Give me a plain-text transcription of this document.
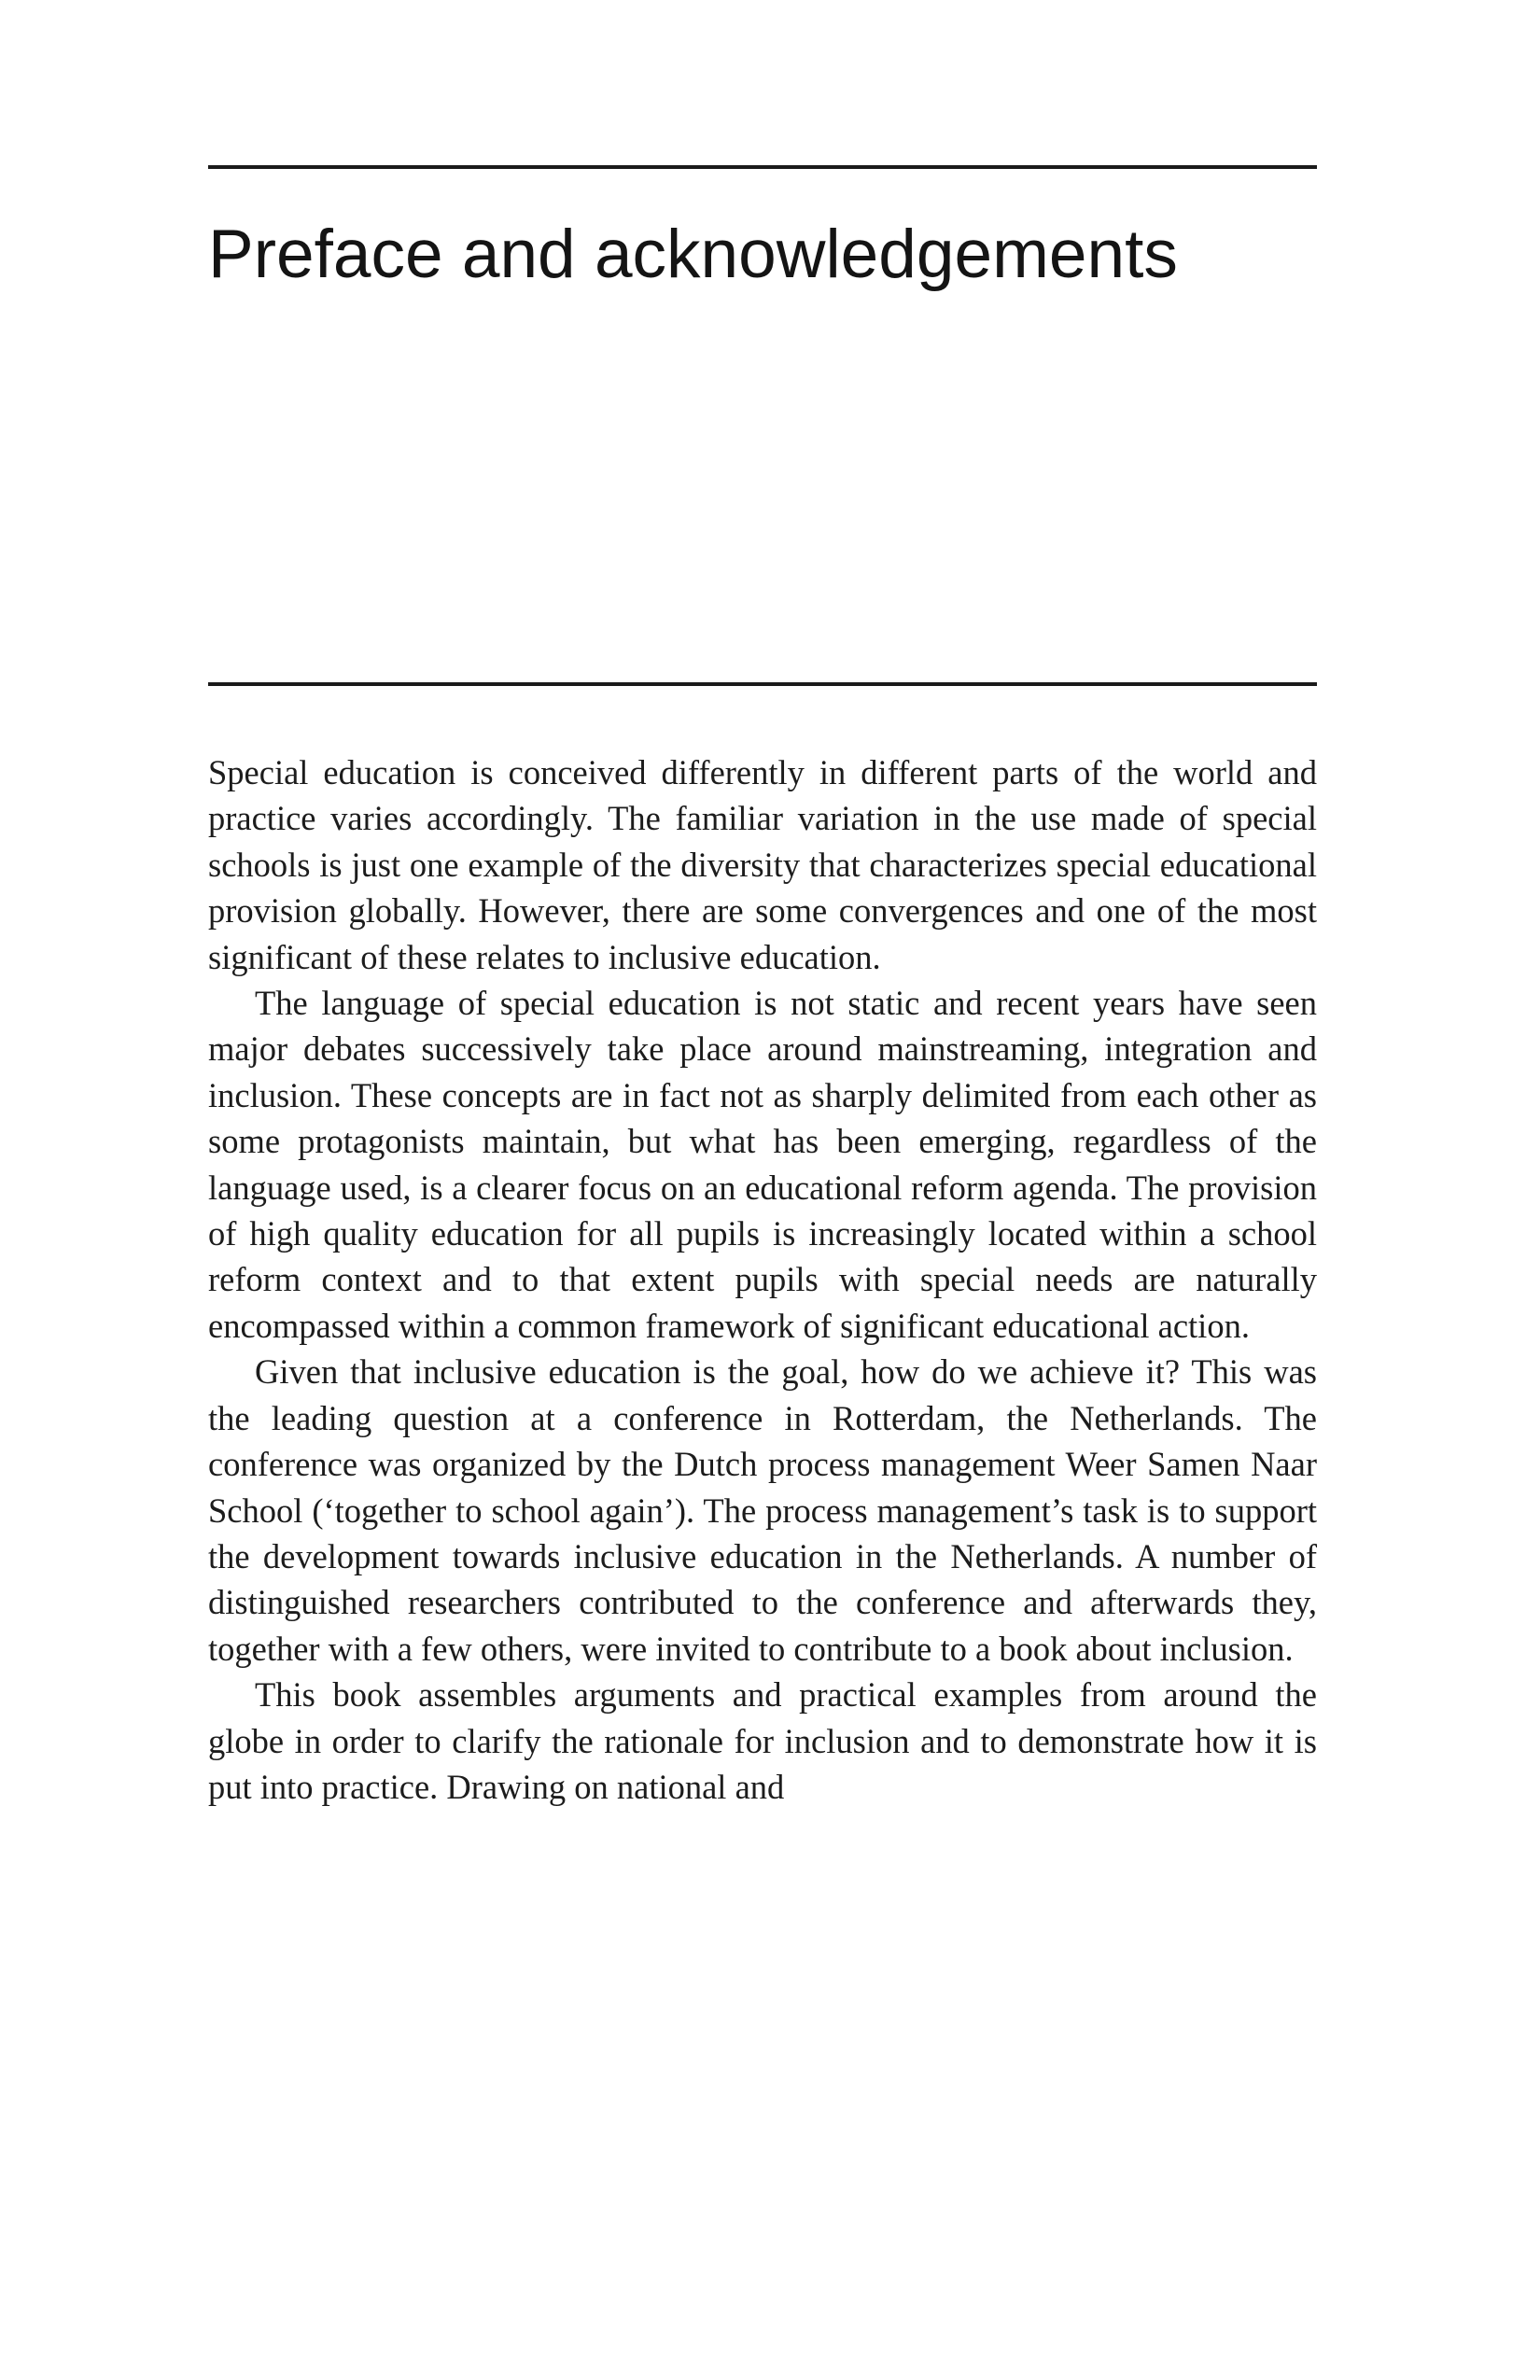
Preface and acknowledgements

Special education is conceived differently in different parts of the world and practice varies accordingly. The familiar variation in the use made of special schools is just one example of the diversity that characterizes special educational provision globally. However, there are some convergences and one of the most significant of these relates to inclusive education.

The language of special education is not static and recent years have seen major debates successively take place around mainstreaming, integration and inclusion. These concepts are in fact not as sharply delimited from each other as some protagonists maintain, but what has been emerging, regardless of the language used, is a clearer focus on an educational reform agenda. The provision of high quality education for all pupils is increasingly located within a school reform context and to that extent pupils with special needs are naturally encompassed within a common framework of significant educational action.

Given that inclusive education is the goal, how do we achieve it? This was the leading question at a conference in Rotterdam, the Netherlands. The conference was organized by the Dutch process management Weer Samen Naar School (‘together to school again’). The process management’s task is to support the development towards inclusive education in the Netherlands. A number of distinguished researchers contributed to the conference and afterwards they, together with a few others, were invited to contribute to a book about inclusion.

This book assembles arguments and practical examples from around the globe in order to clarify the rationale for inclusion and to demonstrate how it is put into practice. Drawing on national and
